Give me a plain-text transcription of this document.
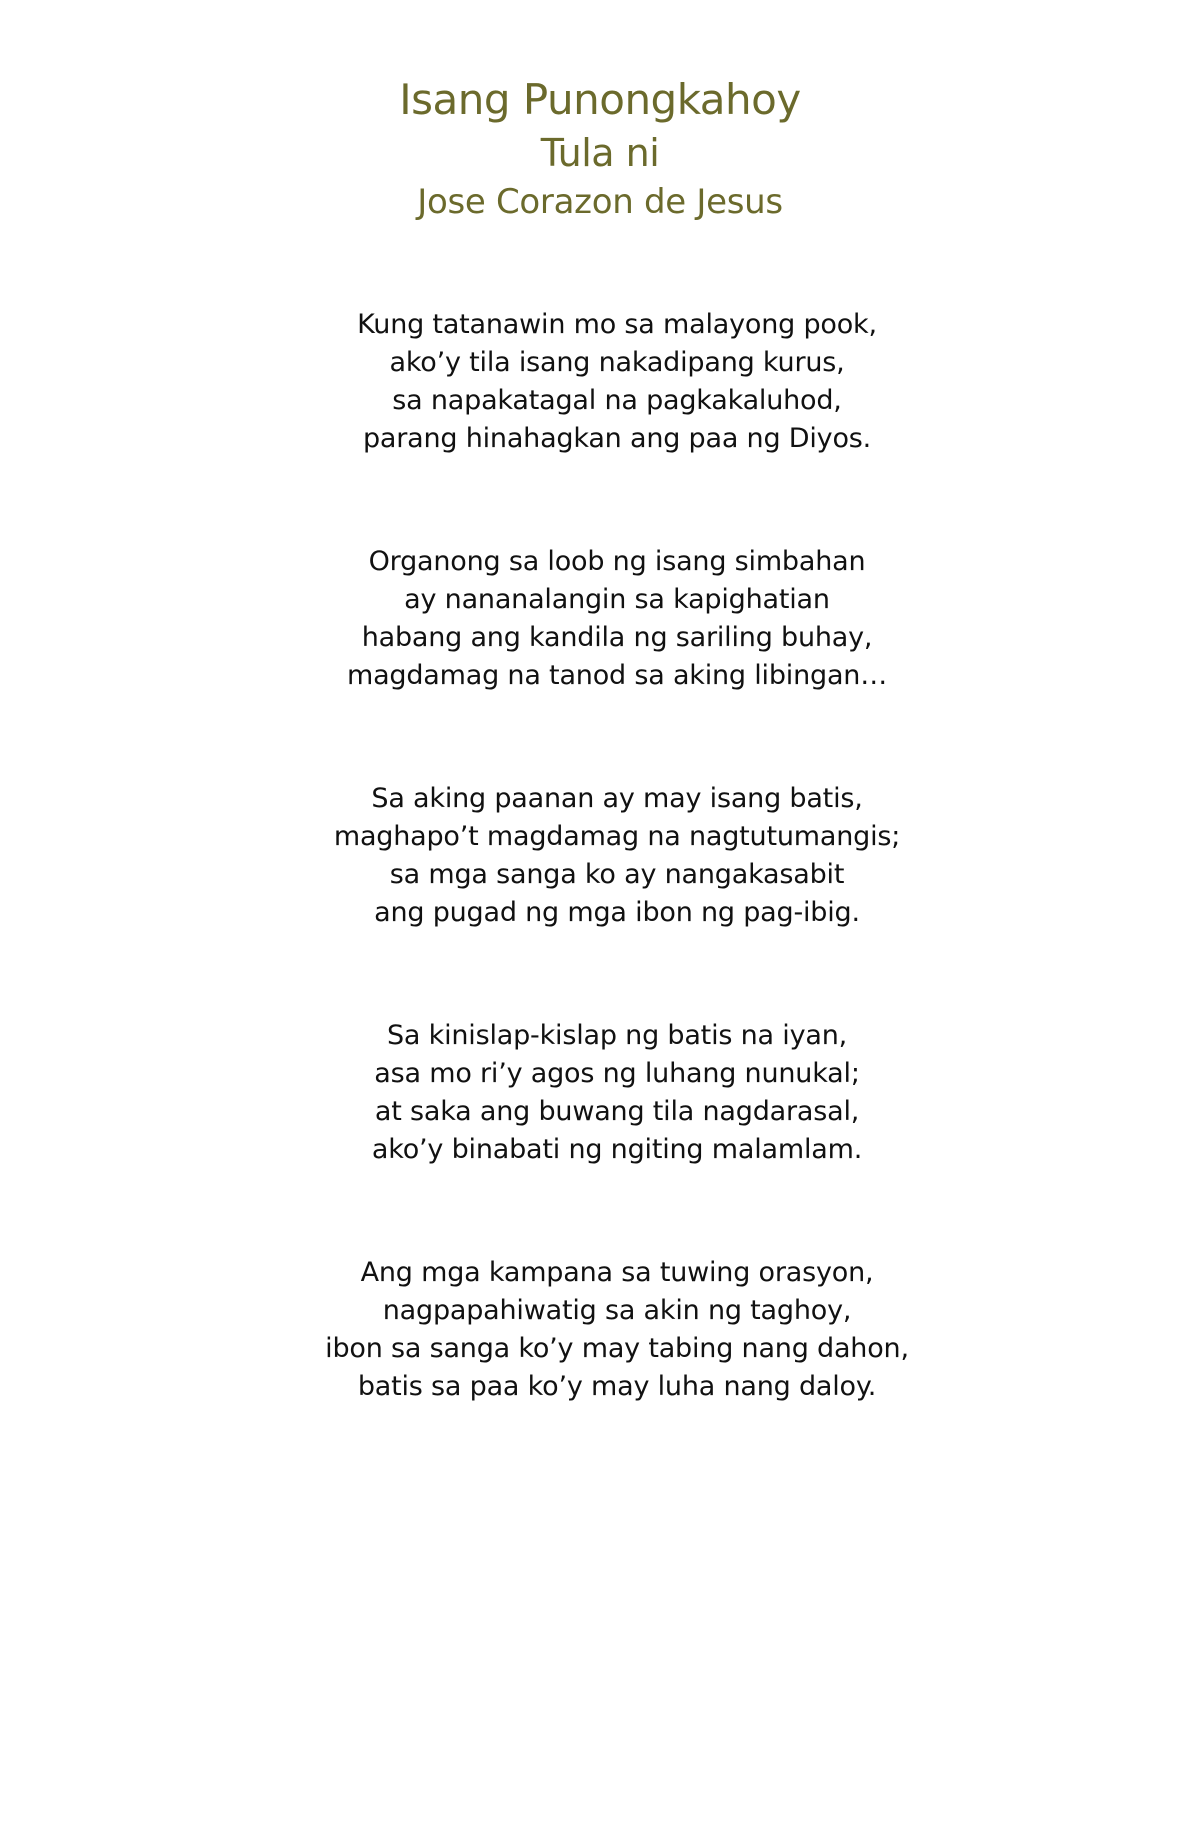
Isang Punongkahoy
Tula ni
Jose Corazon de Jesus
Kung tatanawin mo sa malayong pook,
ako’y tila isang nakadipang kurus,
sa napakatagal na pagkakaluhod,
parang hinahagkan ang paa ng Diyos.
Organong sa loob ng isang simbahan
ay nananalangin sa kapighatian
habang ang kandila ng sariling buhay,
magdamag na tanod sa aking libingan…
Sa aking paanan ay may isang batis,
maghapo’t magdamag na nagtutumangis;
sa mga sanga ko ay nangakasabit
ang pugad ng mga ibon ng pag-ibig.
Sa kinislap-kislap ng batis na iyan,
asa mo ri’y agos ng luhang nunukal;
at saka ang buwang tila nagdarasal,
ako’y binabati ng ngiting malamlam.
Ang mga kampana sa tuwing orasyon,
nagpapahiwatig sa akin ng taghoy,
ibon sa sanga ko’y may tabing nang dahon,
batis sa paa ko’y may luha nang daloy.
